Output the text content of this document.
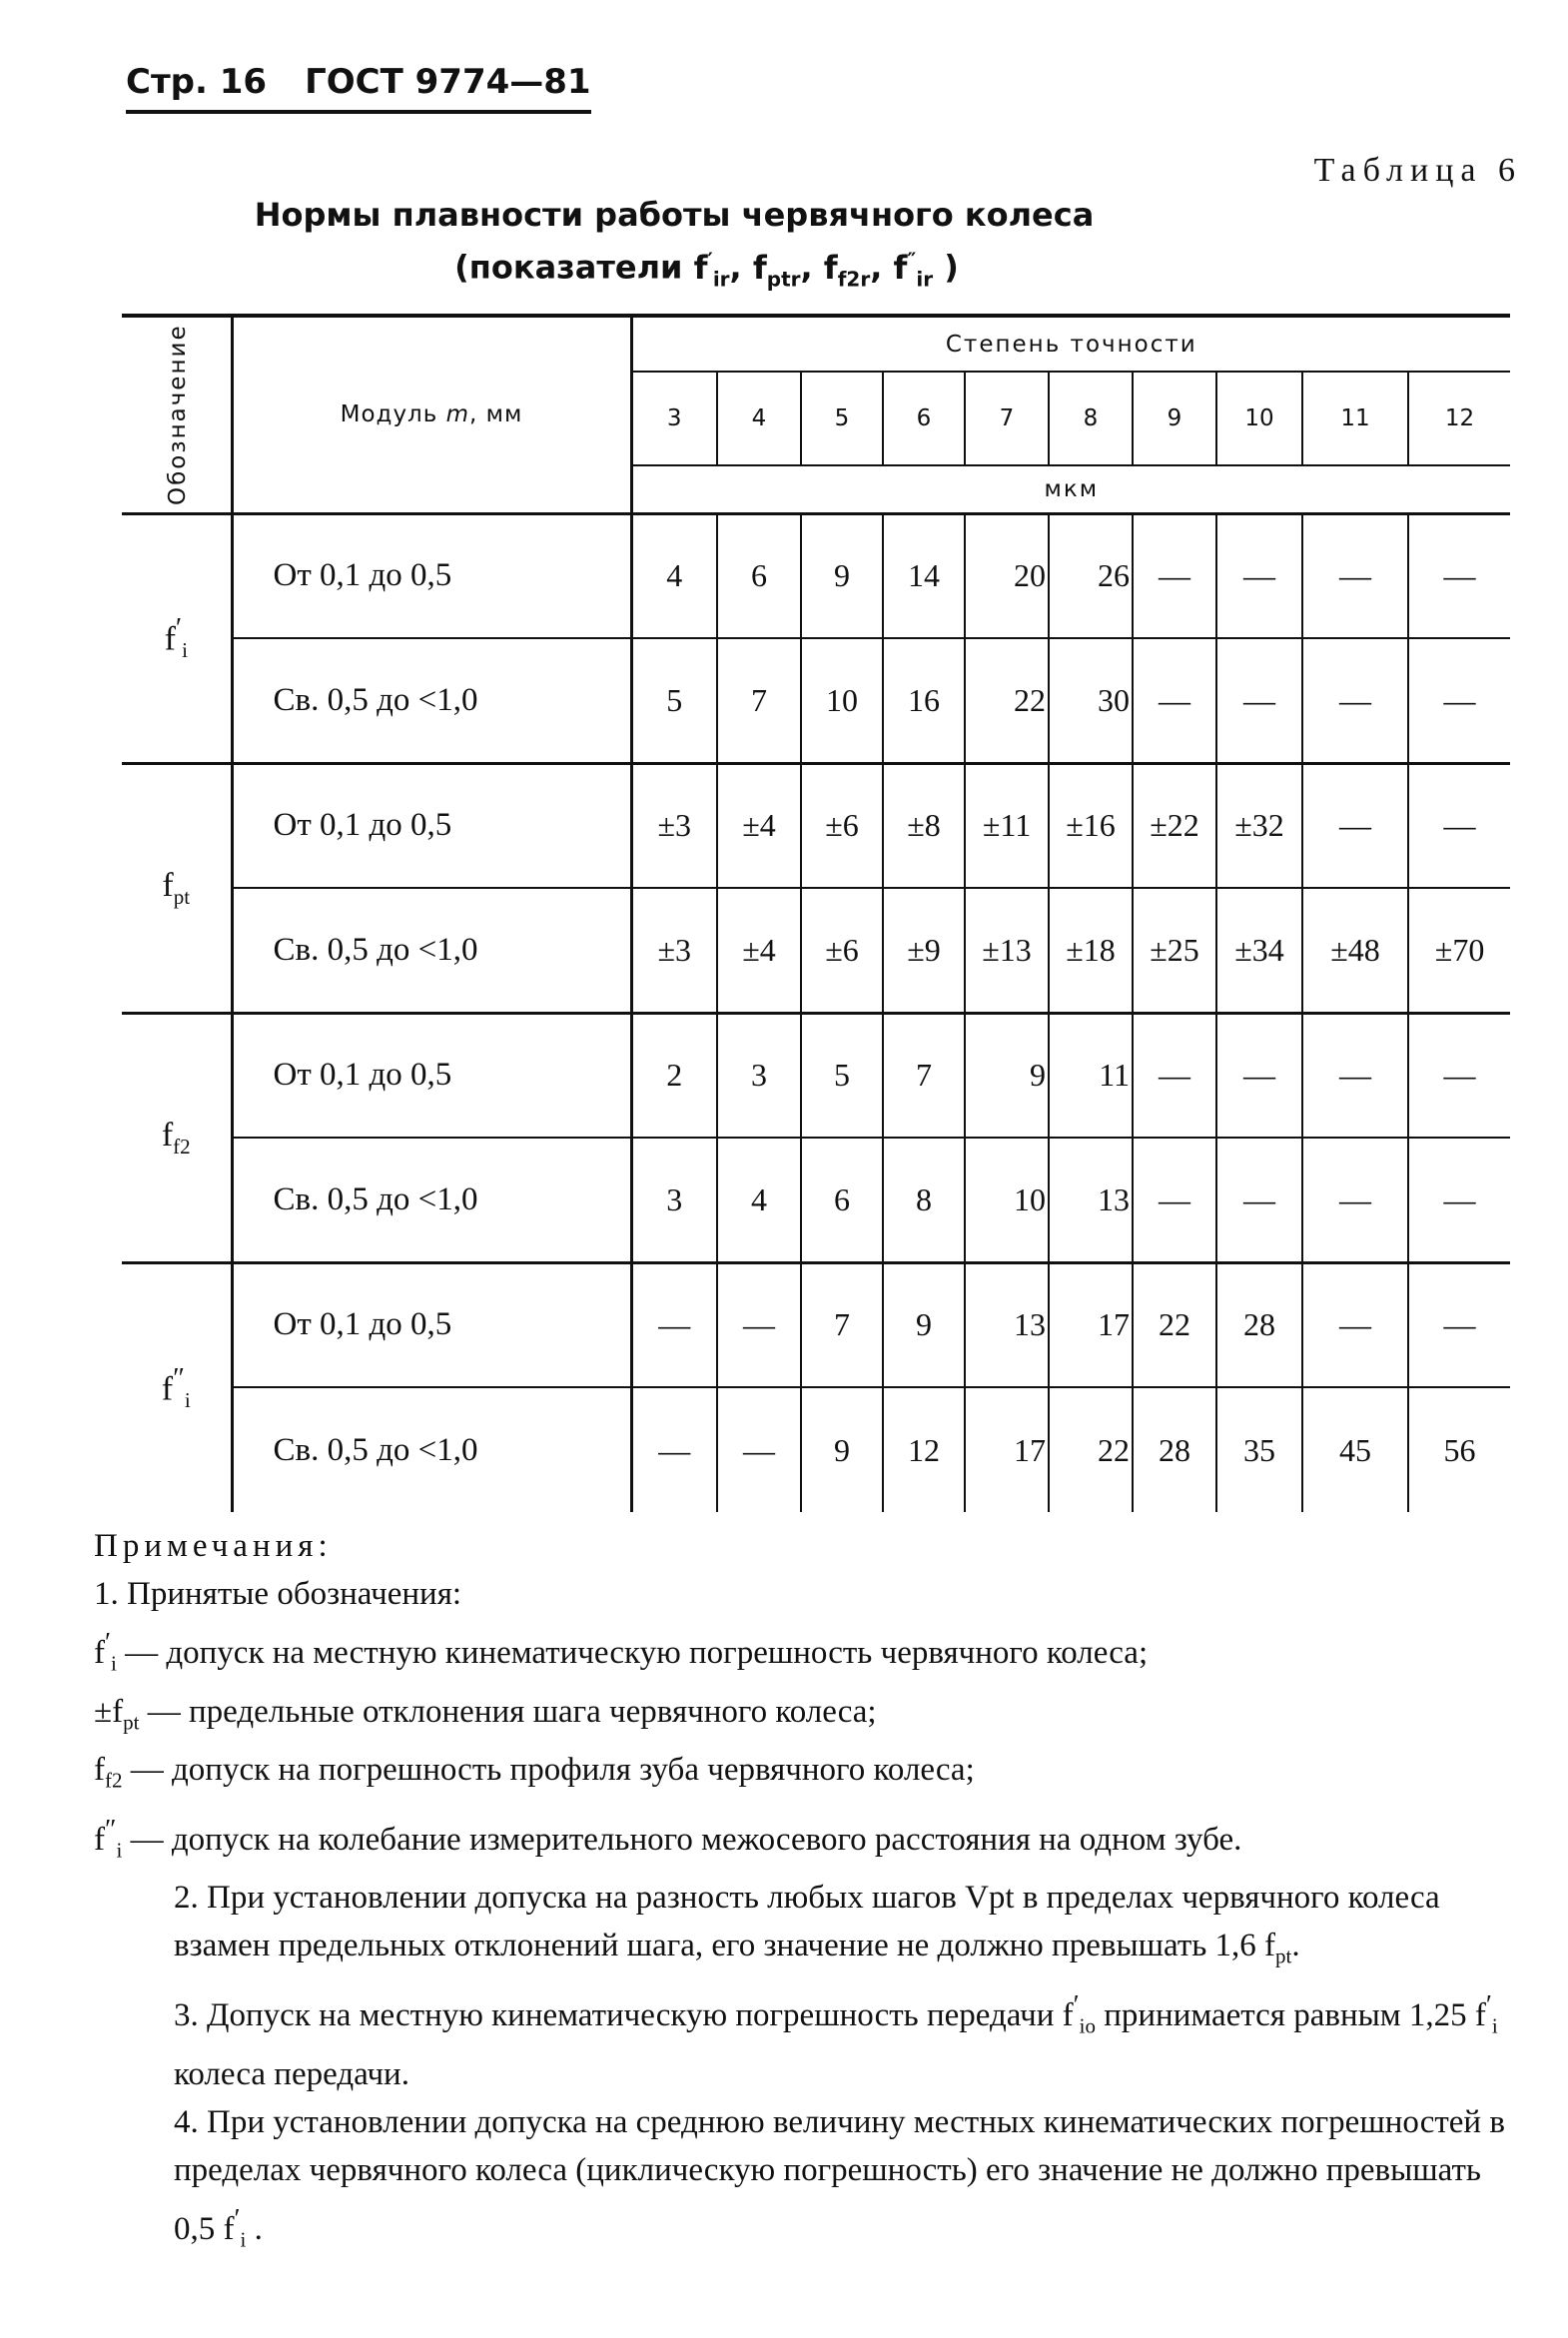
Стр. 16 ГОСТ 9774—81
Таблица 6
Нормы плавности работы червячного колеса
(показатели $f'_{ir}$, $f_{ptr}$, $f_{f2r}$, $f''_{ir}$ )
Обозначение	Модуль m, мм	Степень точности									
		3	4	5	6	7	8	9	10	11	12
		мкм									
$f'_i$	От 0,1 до 0,5	4	6	9	14	20	26	—	—	—	—
	Св. 0,5 до <1,0	5	7	10	16	22	30	—	—	—	—
$f_{pt}$	От 0,1 до 0,5	±3	±4	±6	±8	±11	±16	±22	±32	—	—
	Св. 0,5 до <1,0	±3	±4	±6	±9	±13	±18	±25	±34	±48	±70
$f_{f2}$	От 0,1 до 0,5	2	3	5	7	9	11	—	—	—	—
	Св. 0,5 до <1,0	3	4	6	8	10	13	—	—	—	—
$f''_i$	От 0,1 до 0,5	—	—	7	9	13	17	22	28	—	—
	Св. 0,5 до <1,0	—	—	9	12	17	22	28	35	45	56

Примечания:

1. Принятые обозначения:

$f'_i$ — допуск на местную кинематическую погрешность червячного колеса;

$\pm f_{pt}$ — предельные отклонения шага червячного колеса;

$f_{f2}$ — допуск на погрешность профиля зуба червячного колеса;

$f''_i$ — допуск на колебание измерительного межосевого расстояния на одном зубе.

2. При установлении допуска на разность любых шагов Vpt в пределах червячного колеса взамен предельных отклонений шага, его значение не должно превышать 1,6 $f_{pt}$.

3. Допуск на местную кинематическую погрешность передачи $f'_{io}$ принимается равным 1,25 $f'_i$ колеса передачи.

4. При установлении допуска на среднюю величину местных кинематических погрешностей в пределах червячного колеса (циклическую погрешность) его значение не должно превышать 0,5 $f'_i$ .
